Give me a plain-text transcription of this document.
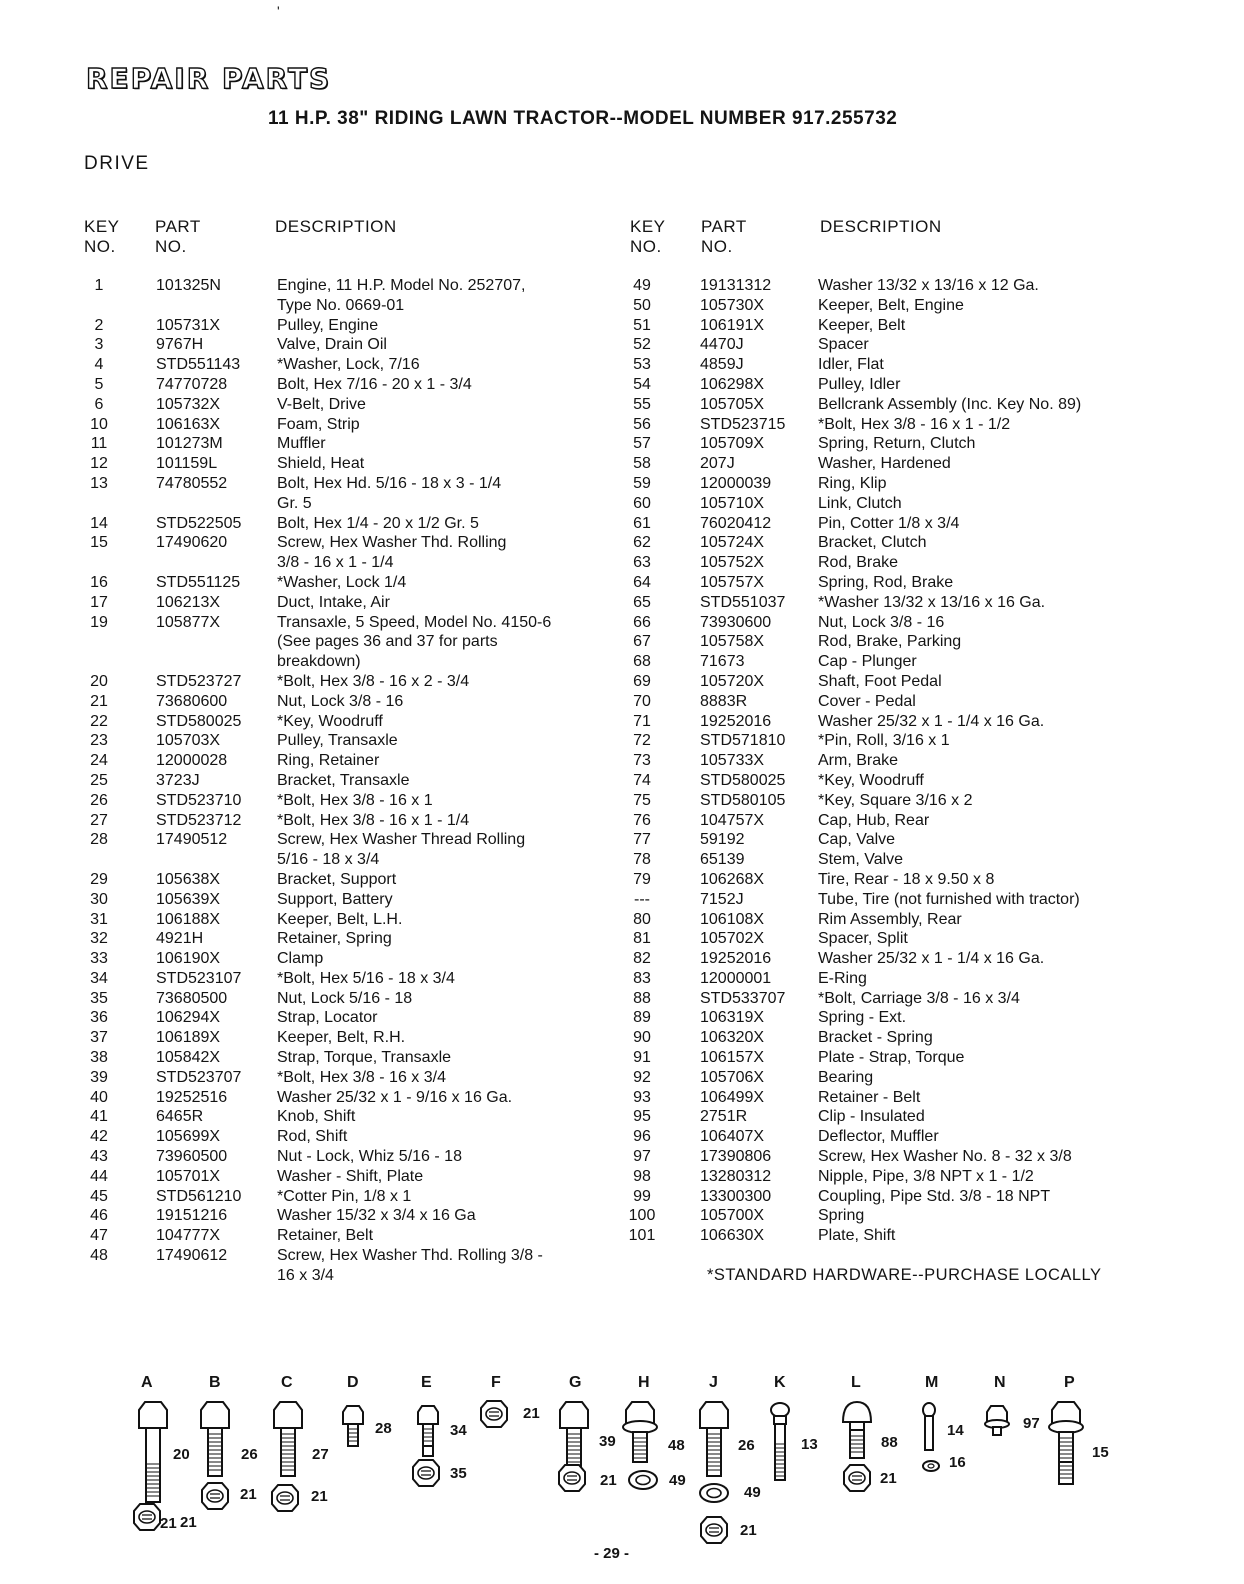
'
REPAIR PARTS
11 H.P. 38" RIDING LAWN TRACTOR--MODEL NUMBER 917.255732
DRIVE
KEY
NO.
PART
NO.
DESCRIPTION	KEY
NO.
PART
NO.
DESCRIPTION
1	101325N	Engine, 11 H.P. Model No. 252707,
Type No. 0669-01
2	105731X	Pulley, Engine
3	9767H	Valve, Drain Oil
4	STD551143	*Washer, Lock, 7/16
5	74770728	Bolt, Hex 7/16 - 20 x 1 - 3/4
6	105732X	V-Belt, Drive
10	106163X	Foam, Strip
11	101273M	Muffler
12	101159L	Shield, Heat
13	74780552	Bolt, Hex Hd. 5/16 - 18 x 3 - 1/4
Gr. 5
14	STD522505	Bolt, Hex 1/4 - 20 x 1/2 Gr. 5
15	17490620	Screw, Hex Washer Thd. Rolling
3/8 - 16 x 1 - 1/4
16	STD551125	*Washer, Lock 1/4
17	106213X	Duct, Intake, Air
19	105877X	Transaxle, 5 Speed, Model No. 4150-6
(See pages 36 and 37 for parts
breakdown)
20	STD523727	*Bolt, Hex 3/8 - 16 x 2 - 3/4
21	73680600	Nut, Lock 3/8 - 16
22	STD580025	*Key, Woodruff
23	105703X	Pulley, Transaxle
24	12000028	Ring, Retainer
25	3723J	Bracket, Transaxle
26	STD523710	*Bolt, Hex 3/8 - 16 x 1
27	STD523712	*Bolt, Hex 3/8 - 16 x 1 - 1/4
28	17490512	Screw, Hex Washer Thread Rolling
5/16 - 18 x 3/4
29	105638X	Bracket, Support
30	105639X	Support, Battery
31	106188X	Keeper, Belt, L.H.
32	4921H	Retainer, Spring
33	106190X	Clamp
34	STD523107	*Bolt, Hex 5/16 - 18 x 3/4
35	73680500	Nut, Lock 5/16 - 18
36	106294X	Strap, Locator
37	106189X	Keeper, Belt, R.H.
38	105842X	Strap, Torque, Transaxle
39	STD523707	*Bolt, Hex 3/8 - 16 x 3/4
40	19252516	Washer 25/32 x 1 - 9/16 x 16 Ga.
41	6465R	Knob, Shift
42	105699X	Rod, Shift
43	73960500	Nut - Lock, Whiz 5/16 - 18
44	105701X	Washer - Shift, Plate
45	STD561210	*Cotter Pin, 1/8 x 1
46	19151216	Washer 15/32 x 3/4 x 16 Ga
47	104777X	Retainer, Belt
48	17490612	Screw, Hex Washer Thd. Rolling 3/8 -
16 x 3/4
49	19131312	Washer 13/32 x 13/16 x 12 Ga.
50	105730X	Keeper, Belt, Engine
51	106191X	Keeper, Belt
52	4470J	Spacer
53	4859J	Idler, Flat
54	106298X	Pulley, Idler
55	105705X	Bellcrank Assembly (Inc. Key No. 89)
56	STD523715	*Bolt, Hex 3/8 - 16 x 1 - 1/2
57	105709X	Spring, Return, Clutch
58	207J	Washer, Hardened
59	12000039	Ring, Klip
60	105710X	Link, Clutch
61	76020412	Pin, Cotter 1/8 x 3/4
62	105724X	Bracket, Clutch
63	105752X	Rod, Brake
64	105757X	Spring, Rod, Brake
65	STD551037	*Washer 13/32 x 13/16 x 16 Ga.
66	73930600	Nut, Lock 3/8 - 16
67	105758X	Rod, Brake, Parking
68	71673	Cap - Plunger
69	105720X	Shaft, Foot Pedal
70	8883R	Cover - Pedal
71	19252016	Washer 25/32 x 1 - 1/4 x 16 Ga.
72	STD571810	*Pin, Roll, 3/16 x 1
73	105733X	Arm, Brake
74	STD580025	*Key, Woodruff
75	STD580105	*Key, Square 3/16 x 2
76	104757X	Cap, Hub, Rear
77	59192	Cap, Valve
78	65139	Stem, Valve
79	106268X	Tire, Rear - 18 x 9.50 x 8
---	7152J	Tube, Tire (not furnished with tractor)
80	106108X	Rim Assembly, Rear
81	105702X	Spacer, Split
82	19252016	Washer 25/32 x 1 - 1/4 x 16 Ga.
83	12000001	E-Ring
88	STD533707	*Bolt, Carriage 3/8 - 16 x 3/4
89	106319X	Spring - Ext.
90	106320X	Bracket - Spring
91	106157X	Plate - Strap, Torque
92	105706X	Bearing
93	106499X	Retainer - Belt
95	2751R	Clip - Insulated
96	106407X	Deflector, Muffler
97	17390806	Screw, Hex Washer No. 8 - 32 x 3/8
98	13280312	Nipple, Pipe, 3/8 NPT x 1 - 1/2
99	13300300	Coupling, Pipe Std. 3/8 - 18 NPT
100	105700X	Spring
101	106630X	Plate, Shift
*STANDARD HARDWARE--PURCHASE LOCALLY
A	B	C	D	E	F	G	H	J	K	L	M	N	P
20
21
26
21
27
21
28	34
35
21
39
21
48
49
26
49
21
13	88
21
14
16
97
15
21
- 29 -
